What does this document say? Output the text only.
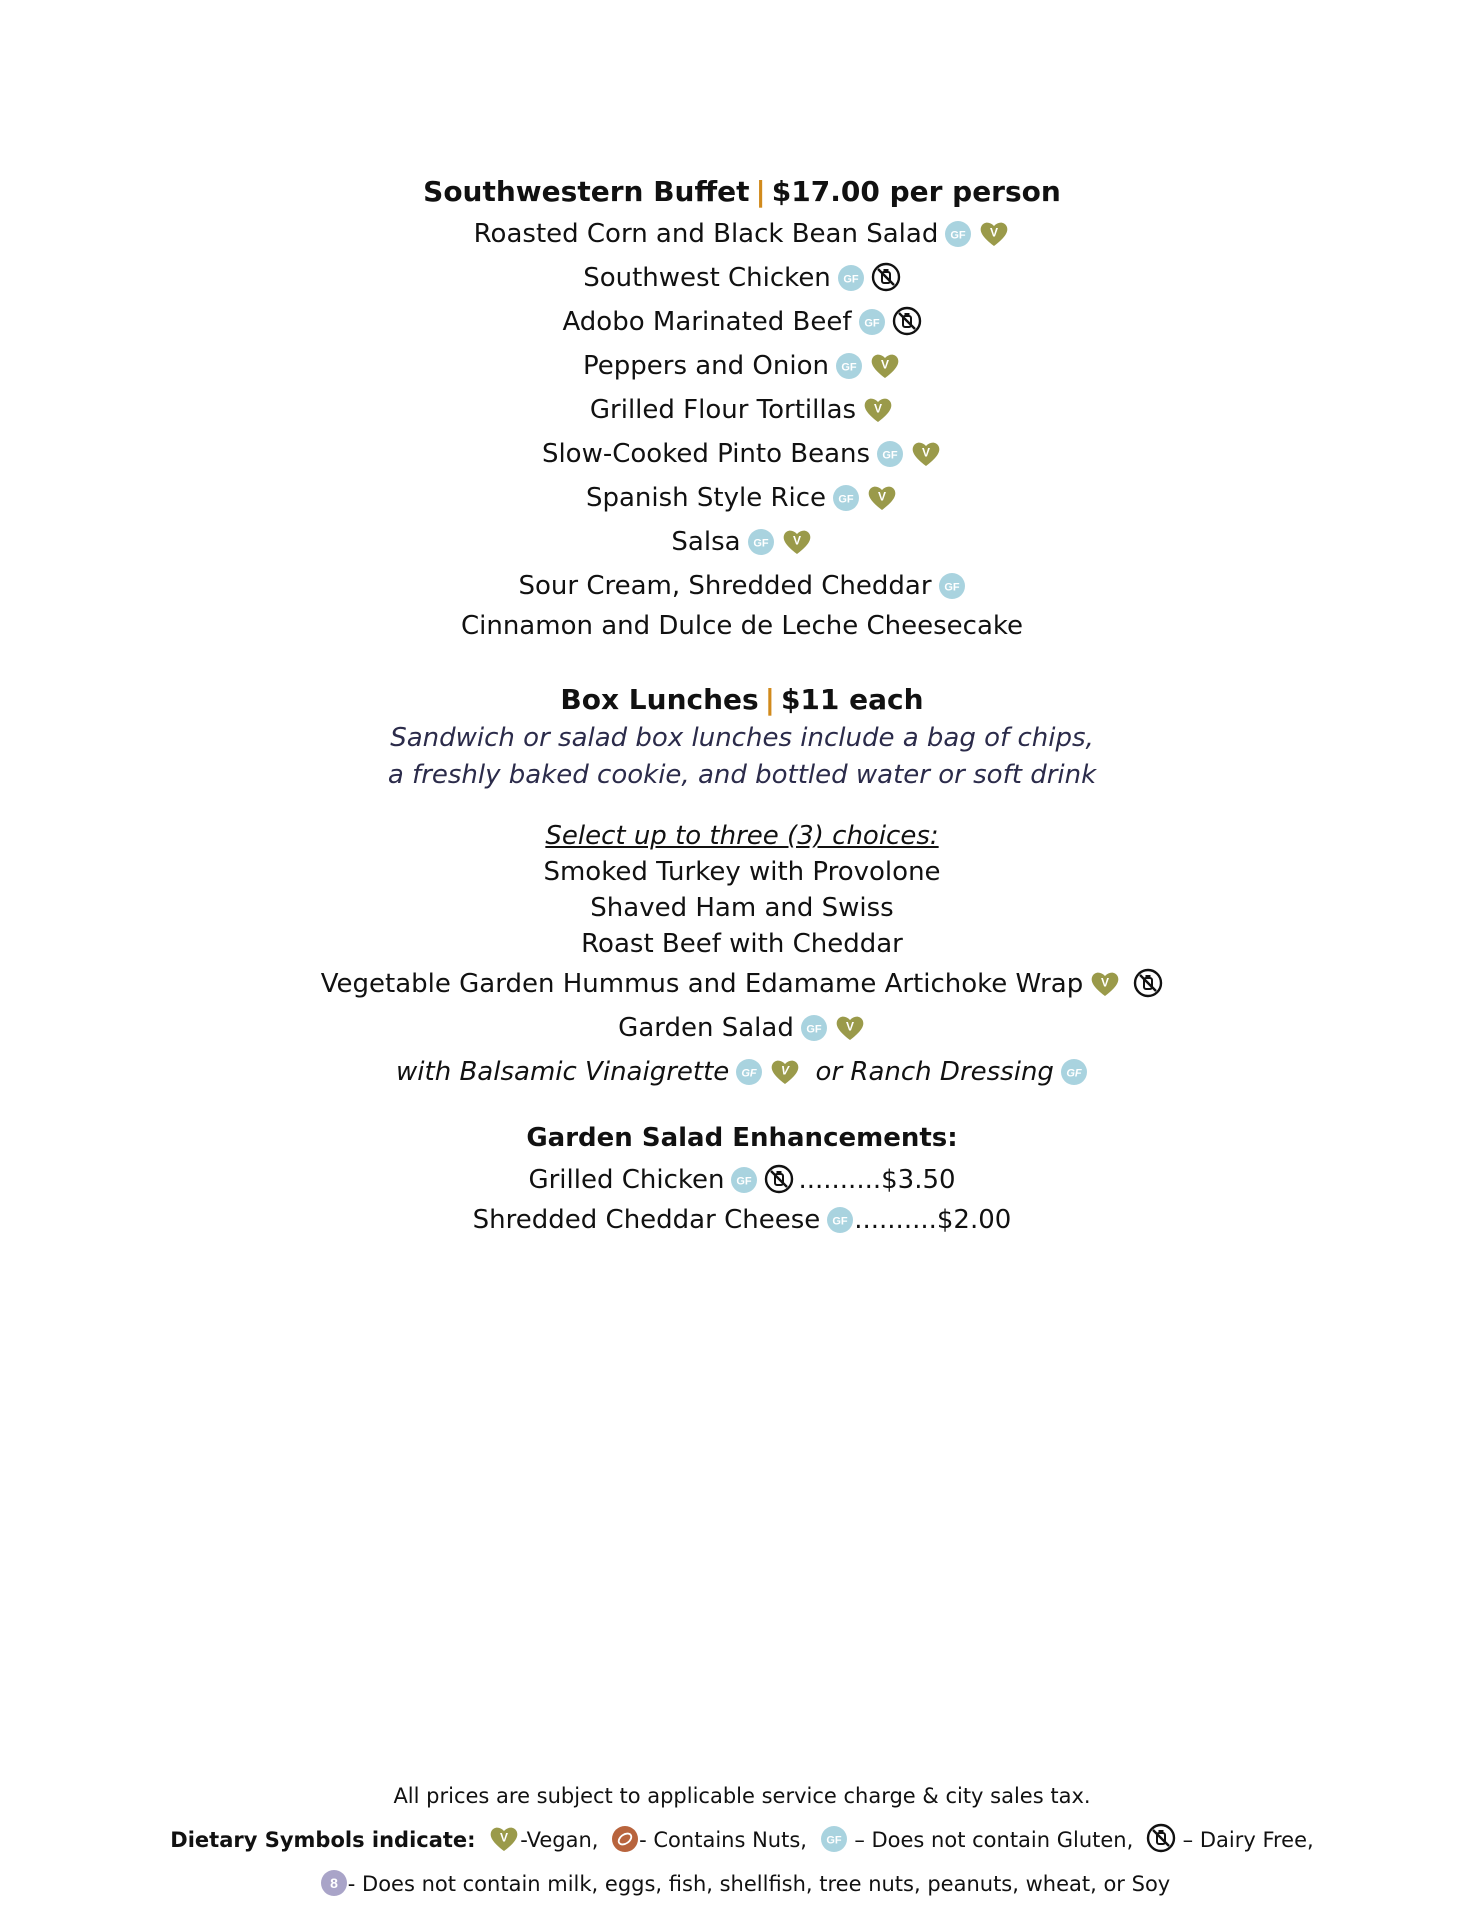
Southwestern Buffet | $17.00 per person

Roasted Corn and Black Bean Salad GF V

Southwest Chicken GF

Adobo Marinated Beef GF

Peppers and Onion GF V

Grilled Flour Tortillas V

Slow-Cooked Pinto Beans GF V

Spanish Style Rice GF V

Salsa GF V

Sour Cream, Shredded Cheddar GF

Cinnamon and Dulce de Leche Cheesecake

Box Lunches | $11 each

Sandwich or salad box lunches include a bag of chips,

a freshly baked cookie, and bottled water or soft drink

Select up to three (3) choices:

Smoked Turkey with Provolone

Shaved Ham and Swiss

Roast Beef with Cheddar

Vegetable Garden Hummus and Edamame Artichoke Wrap V

Garden Salad GF V

with Balsamic Vinaigrette GF V or Ranch Dressing GF

Garden Salad Enhancements:

Grilled Chicken GF ..........$3.50

Shredded Cheddar Cheese GF ..........$2.00

All prices are subject to applicable service charge & city sales tax.

Dietary Symbols indicate: V -Vegan, - Contains Nuts, GF – Does not contain Gluten,
– Dairy Free,

8 - Does not contain milk, eggs, fish, shellfish, tree nuts, peanuts, wheat, or Soy
